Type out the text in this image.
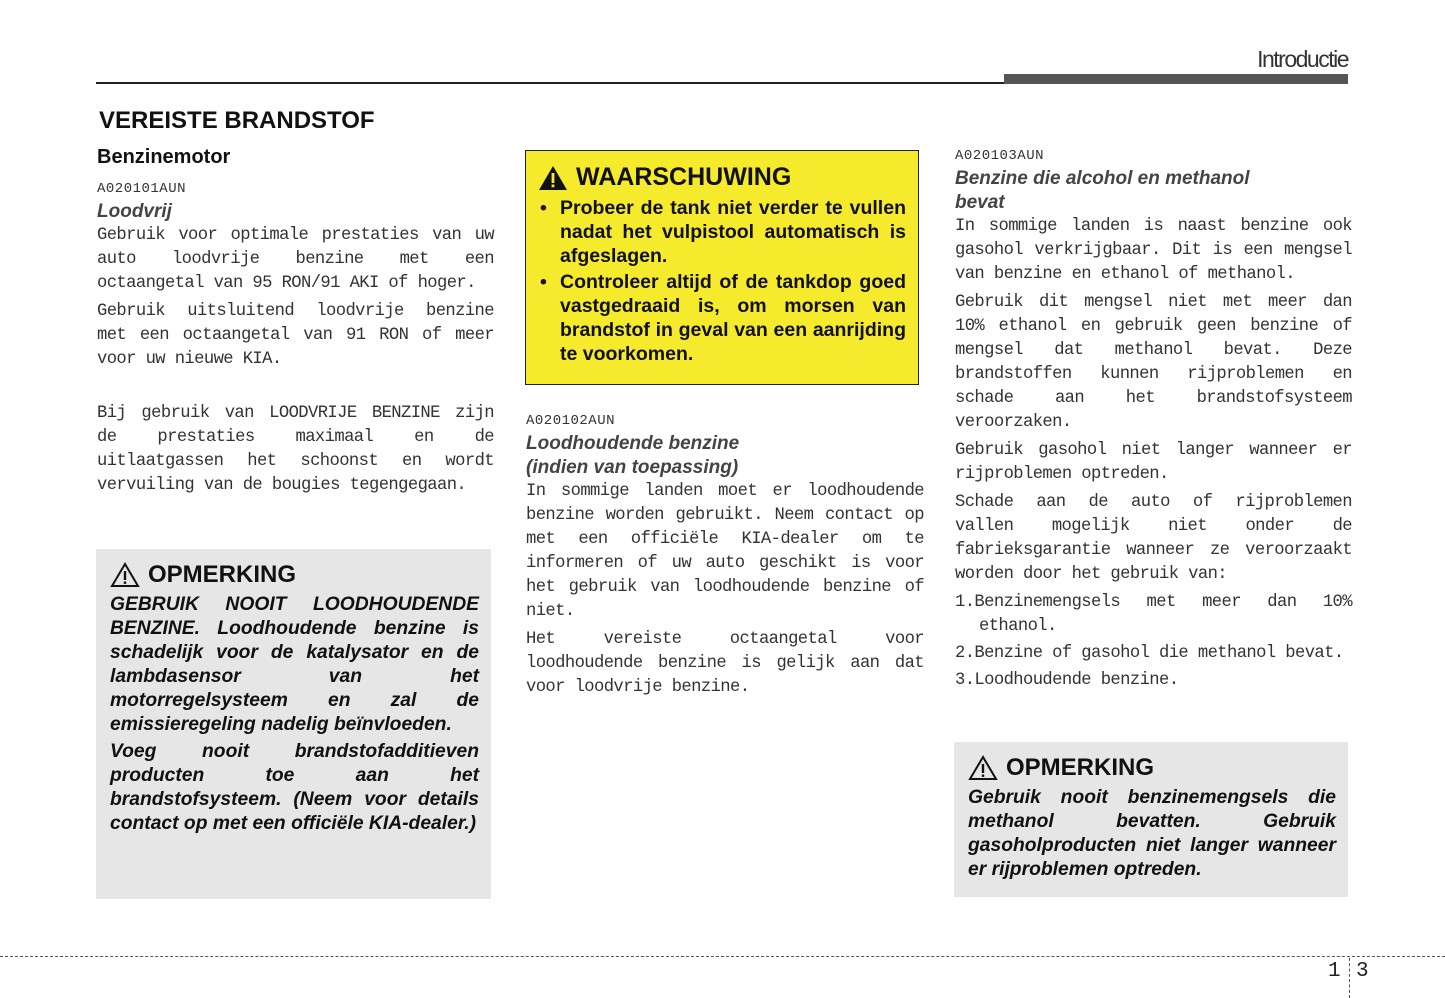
Introductie
VEREISTE BRANDSTOF
Benzinemotor
A020101AUN
Loodvrij

Gebruik voor optimale prestaties van uw auto loodvrije benzine met een octaangetal van 95 RON/91 AKI of hoger.

Gebruik uitsluitend loodvrije benzine met een octaangetal van 91 RON of meer voor uw nieuwe KIA.

Bij gebruik van LOODVRIJE BENZINE zijn de prestaties maximaal en de uitlaatgassen het schoonst en wordt vervuiling van de bougies tegengegaan.

OPMERKING

GEBRUIK NOOIT LOODHOUDENDE BENZINE. Loodhoudende benzine is schadelijk voor de katalysator en de lambdasensor van het motorregelsysteem en zal de emissieregeling nadelig beïnvloeden.

Voeg nooit brandstofadditieven producten toe aan het brandstofsysteem. (Neem voor details contact op met een officiële KIA-dealer.)

WAARSCHUWING
• Probeer de tank niet verder te vullen nadat het vulpistool automatisch is afgeslagen.
• Controleer altijd of de tankdop goed vastgedraaid is, om morsen van brandstof in geval van een aanrijding te voorkomen.
A020102AUN
Loodhoudende benzine
(indien van toepassing)

In sommige landen moet er loodhoudende benzine worden gebruikt. Neem contact op met een officiële KIA-dealer om te informeren of uw auto geschikt is voor het gebruik van loodhoudende benzine of niet.

Het vereiste octaangetal voor loodhoudende benzine is gelijk aan dat voor loodvrije benzine.

A020103AUN
Benzine die alcohol en methanol
bevat

In sommige landen is naast benzine ook gasohol verkrijgbaar. Dit is een mengsel van benzine en ethanol of methanol.

Gebruik dit mengsel niet met meer dan 10% ethanol en gebruik geen benzine of mengsel dat methanol bevat. Deze brandstoffen kunnen rijproblemen en schade aan het brandstofsysteem veroorzaken.

Gebruik gasohol niet langer wanneer er rijproblemen optreden.

Schade aan de auto of rijproblemen vallen mogelijk niet onder de fabrieksgarantie wanneer ze veroorzaakt worden door het gebruik van:

1.Benzinemengsels met meer dan 10% ethanol.
2.Benzine of gasohol die methanol bevat.
3.Loodhoudende benzine.
OPMERKING

Gebruik nooit benzinemengsels die methanol bevatten. Gebruik gasoholproducten niet langer wanneer er rijproblemen optreden.

1 3
